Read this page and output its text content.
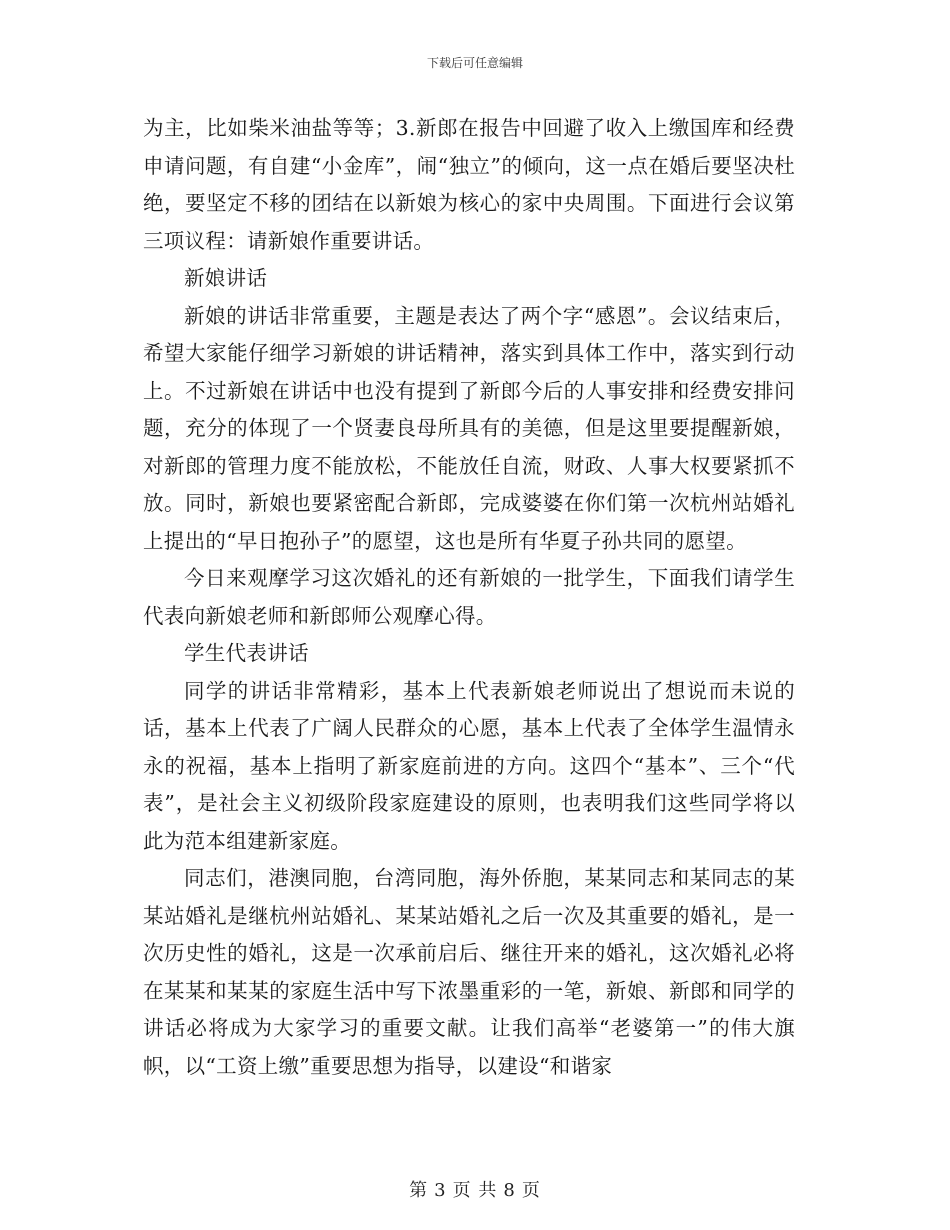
下载后可任意编辑

为主，比如柴米油盐等等；3.新郎在报告中回避了收入上缴国库和经费申请问题，有自建“小金库”，闹“独立”的倾向，这一点在婚后要坚决杜绝，要坚定不移的团结在以新娘为核心的家中央周围。下面进行会议第三项议程：请新娘作重要讲话。

新娘讲话

新娘的讲话非常重要，主题是表达了两个字“感恩”。会议结束后，希望大家能仔细学习新娘的讲话精神，落实到具体工作中，落实到行动上。不过新娘在讲话中也没有提到了新郎今后的人事安排和经费安排问题，充分的体现了一个贤妻良母所具有的美德，但是这里要提醒新娘，对新郎的管理力度不能放松，不能放任自流，财政、人事大权要紧抓不放。同时，新娘也要紧密配合新郎，完成婆婆在你们第一次杭州站婚礼上提出的“早日抱孙子”的愿望，这也是所有华夏子孙共同的愿望。

今日来观摩学习这次婚礼的还有新娘的一批学生，下面我们请学生代表向新娘老师和新郎师公观摩心得。

学生代表讲话

同学的讲话非常精彩，基本上代表新娘老师说出了想说而未说的话，基本上代表了广阔人民群众的心愿，基本上代表了全体学生温情永永的祝福，基本上指明了新家庭前进的方向。这四个“基本”、三个“代表”，是社会主义初级阶段家庭建设的原则，也表明我们这些同学将以此为范本组建新家庭。

同志们，港澳同胞，台湾同胞，海外侨胞，某某同志和某同志的某某站婚礼是继杭州站婚礼、某某站婚礼之后一次及其重要的婚礼，是一次历史性的婚礼，这是一次承前启后、继往开来的婚礼，这次婚礼必将在某某和某某的家庭生活中写下浓墨重彩的一笔，新娘、新郎和同学的讲话必将成为大家学习的重要文献。让我们高举“老婆第一”的伟大旗帜，以“工资上缴”重要思想为指导，以建设“和谐家

第 3 页 共 8 页
